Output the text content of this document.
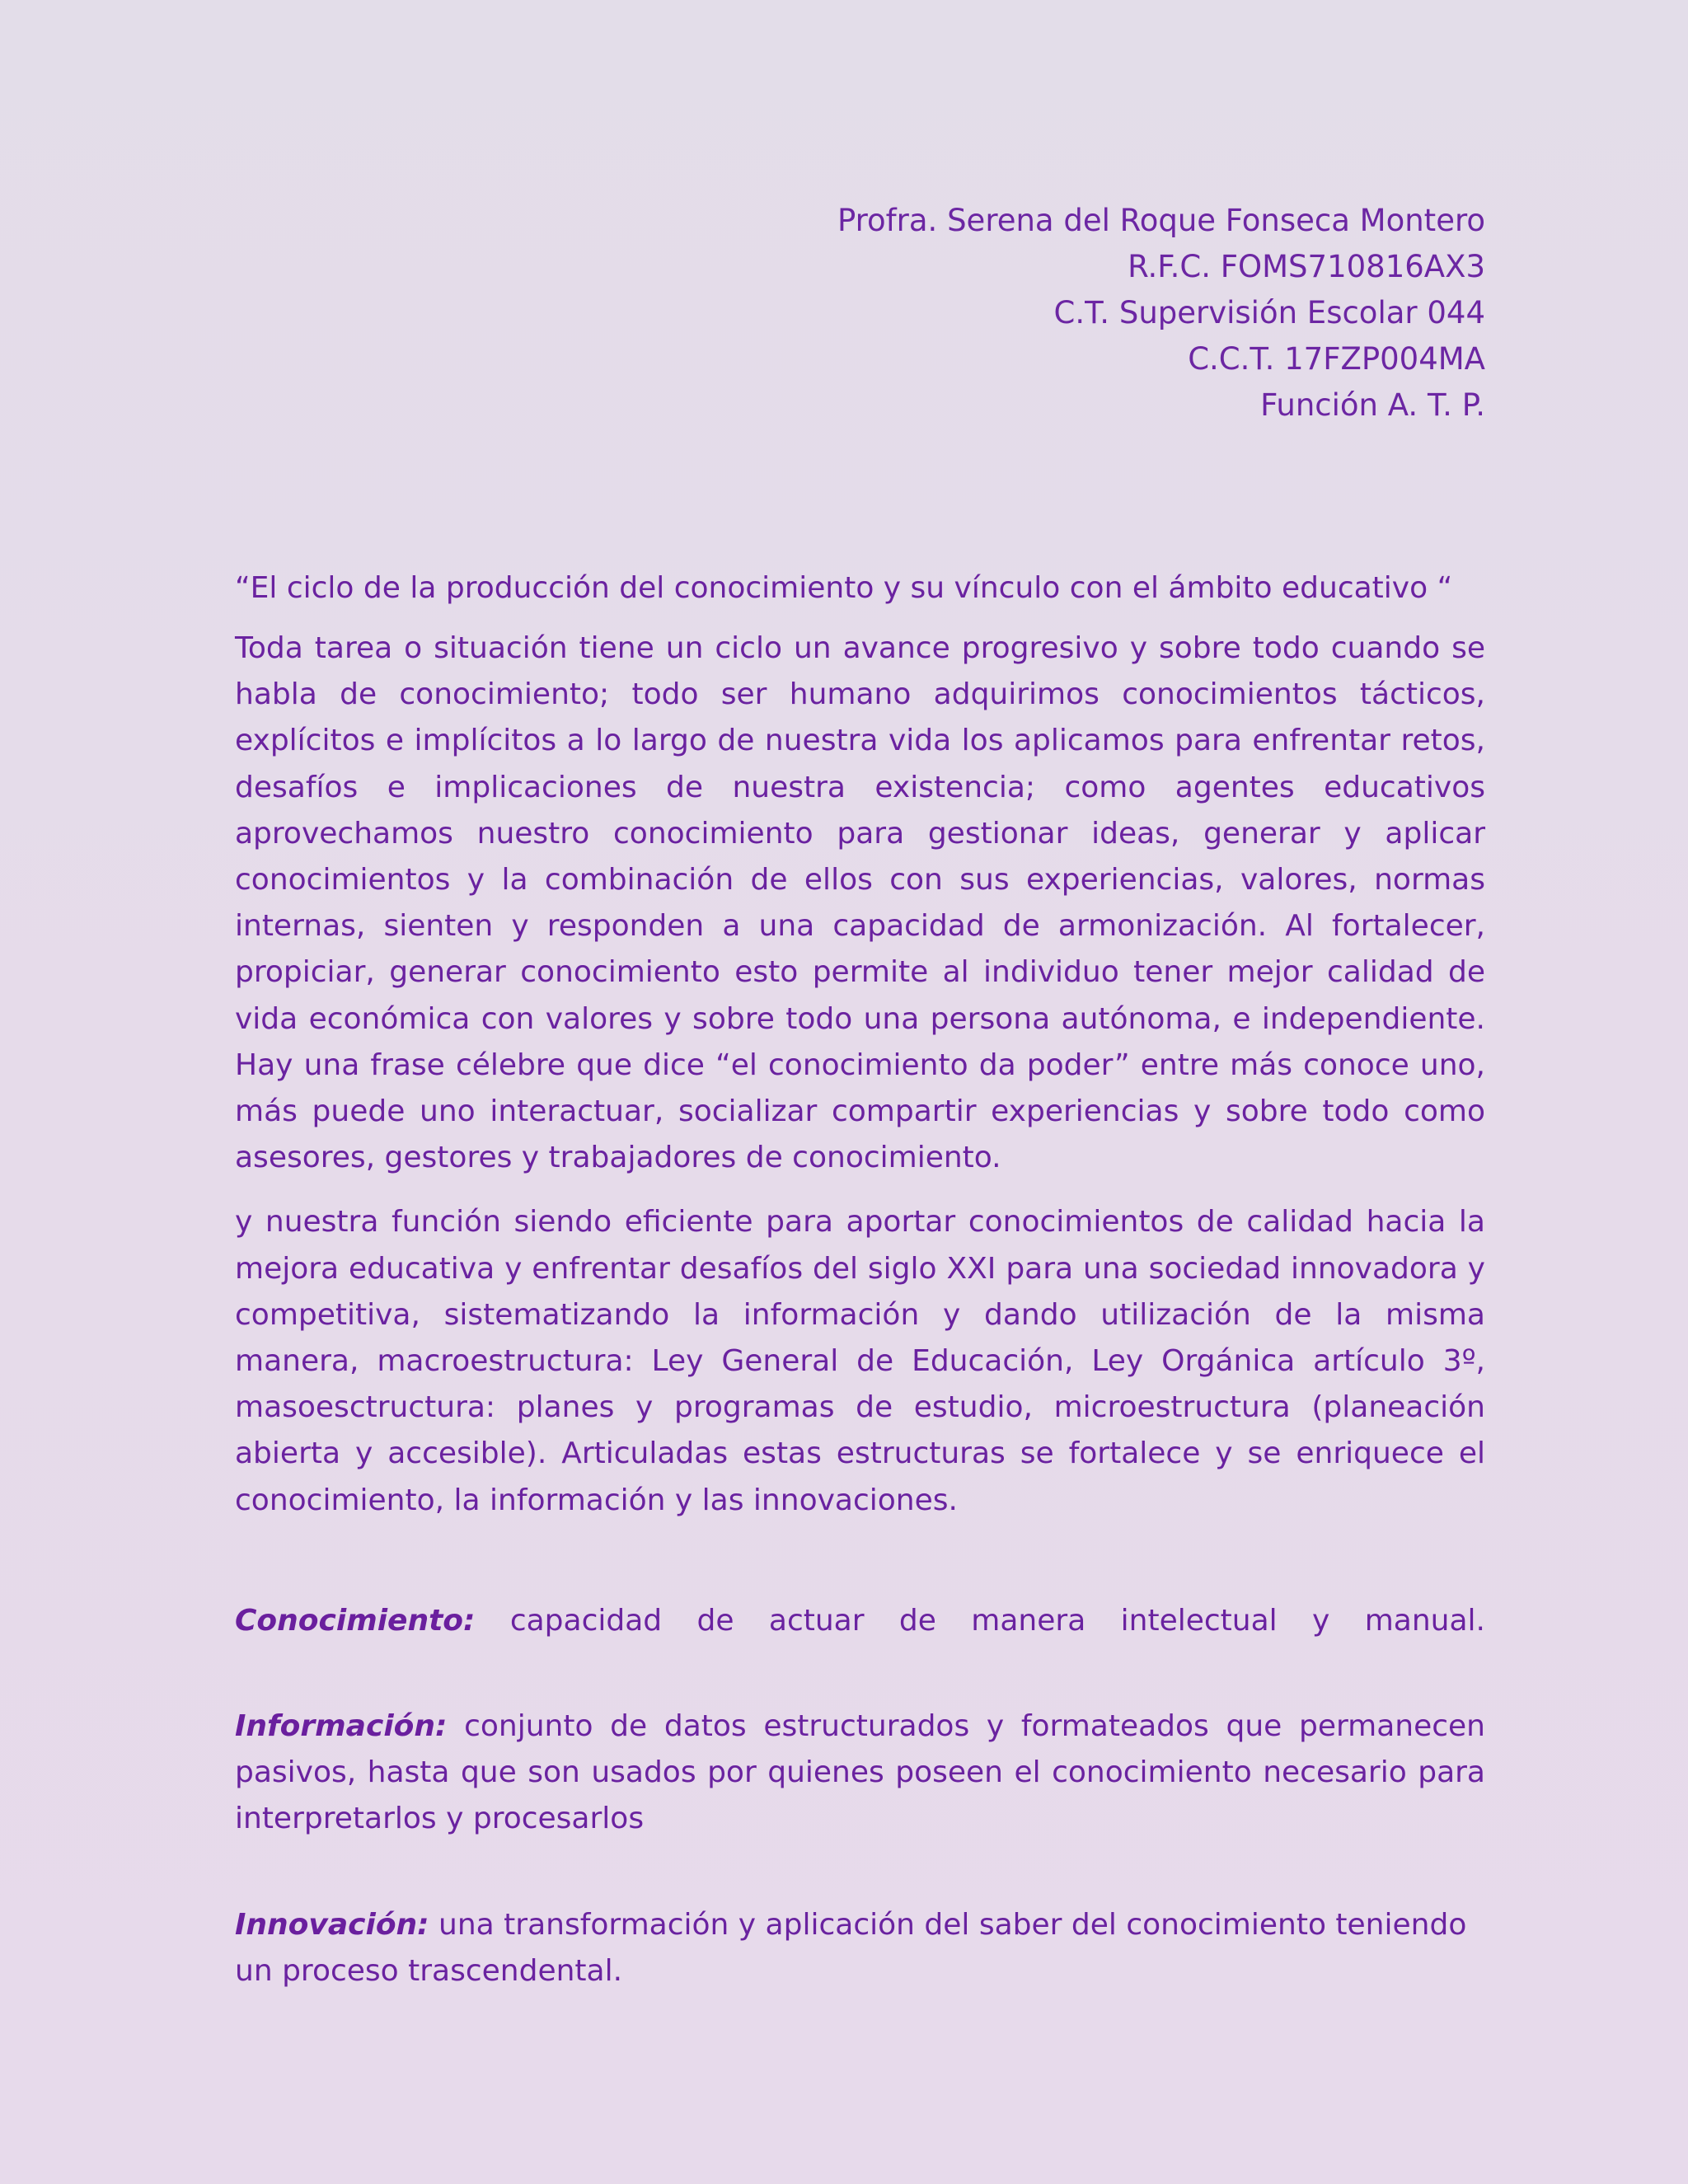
Profra. Serena del Roque Fonseca Montero
R.F.C. FOMS710816AX3
C.T. Supervisión Escolar 044
C.C.T. 17FZP004MA
Función A. T. P.
“El ciclo de la producción del conocimiento y su vínculo con el ámbito educativo “

Toda tarea o situación tiene un ciclo un avance progresivo y sobre todo cuando se habla de conocimiento; todo ser humano adquirimos conocimientos tácticos, explícitos e implícitos a lo largo de nuestra vida los aplicamos para enfrentar retos, desafíos e implicaciones de nuestra existencia; como agentes educativos aprovechamos nuestro conocimiento para gestionar ideas, generar y aplicar conocimientos y la combinación de ellos con sus experiencias, valores, normas internas, sienten y responden a una capacidad de armonización. Al fortalecer, propiciar, generar conocimiento esto permite al individuo tener mejor calidad de vida económica con valores y sobre todo una persona autónoma, e independiente. Hay una frase célebre que dice “el conocimiento da poder” entre más conoce uno, más puede uno interactuar, socializar compartir experiencias y sobre todo como asesores, gestores y trabajadores de conocimiento.

y nuestra función siendo eficiente para aportar conocimientos de calidad hacia la mejora educativa y enfrentar desafíos del siglo XXI para una sociedad innovadora y competitiva, sistematizando la información y dando utilización de la misma manera, macroestructura: Ley General de Educación, Ley Orgánica artículo 3º, masoesctructura: planes y programas de estudio, microestructura (planeación abierta y accesible). Articuladas estas estructuras se fortalece y se enriquece el conocimiento, la información y las innovaciones.

Conocimiento: capacidad de actuar de manera intelectual y manual.

Información: conjunto de datos estructurados y formateados que permanecen pasivos, hasta que son usados por quienes poseen el conocimiento necesario para interpretarlos y procesarlos

Innovación: una transformación y aplicación del saber del conocimiento teniendo un proceso trascendental.
